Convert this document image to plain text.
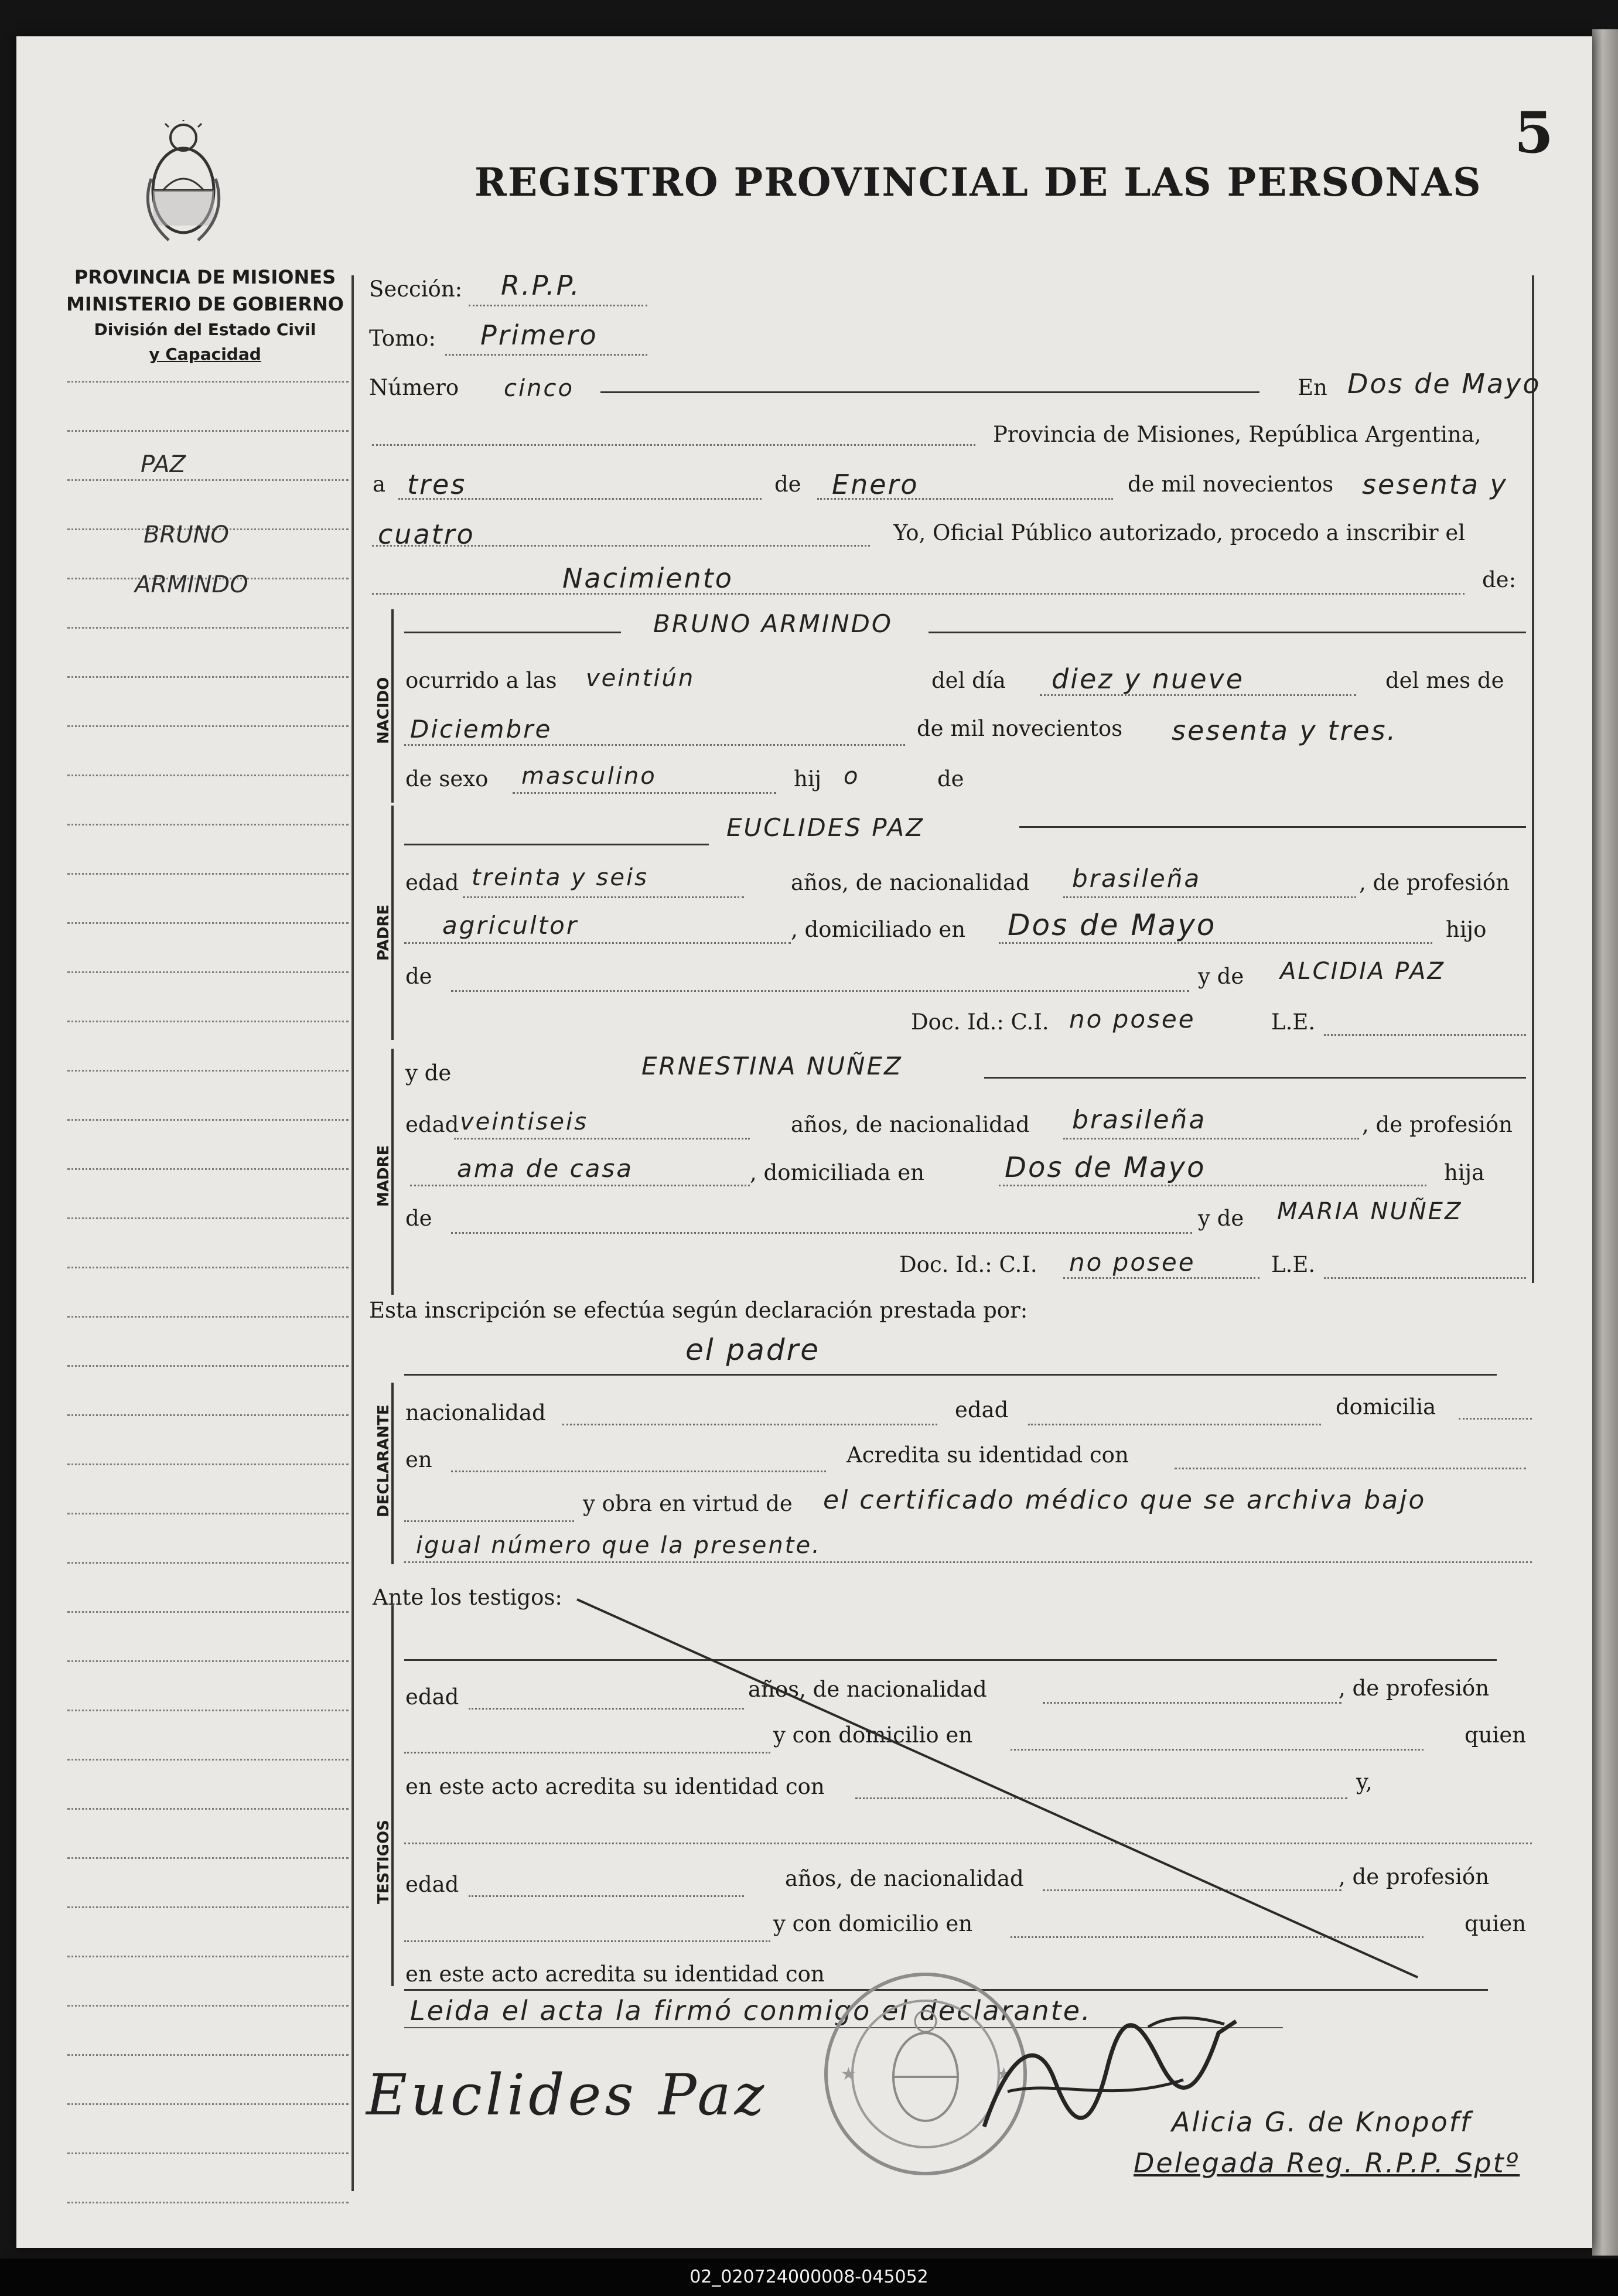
5
REGISTRO PROVINCIAL DE LAS PERSONAS
PROVINCIA DE MISIONES
MINISTERIO DE GOBIERNO
División del Estado Civil
y Capacidad
PAZ
BRUNO
ARMINDO
Sección: R.P.P.
Tomo: Primero
Número cinco	En Dos de Mayo
Provincia de Misiones, República Argentina,
a tres	de Enero	de mil novecientos sesenta y
cuatro	Yo, Oficial Público autorizado, procedo a inscribir el
Nacimiento	de:
NACIDO
BRUNO ARMINDO
ocurrido a las veintiún	del día diez y nueve	del mes de
Diciembre	de mil novecientos sesenta y tres.
de sexo masculino	hij o	de
PADRE
EUCLIDES PAZ
edad treinta y seis	años, de nacionalidad brasileña	, de profesión
agricultor	, domiciliado en Dos de Mayo	hijo
de	y de ALCIDIA PAZ
Doc. Id.: C.I. no posee	L.E.
MADRE
y de	ERNESTINA NUÑEZ
edad veintiseis	años, de nacionalidad brasileña	, de profesión
ama de casa	, domiciliada en	Dos de Mayo	hija
de	y de MARIA NUÑEZ
Doc. Id.: C.I. no posee	L.E.
Esta inscripción se efectúa según declaración prestada por:
el padre
DECLARANTE nacionalidad	edad	domicilia
en	Acredita su identidad con
y obra en virtud de el certificado médico que se archiva bajo
igual número que la presente.
Ante los testigos:
TESTIGOS
edad	años, de nacionalidad	, de profesión
y con domicilio en	quien
en este acto acredita su identidad con	y,
edad	años, de nacionalidad	, de profesión
y con domicilio en	quien
en este acto acredita su identidad con
Leida el acta la firmó conmigo el declarante.
★	★
Euclides Paz	Alicia G. de Knopoff
Delegada Reg. R.P.P. Sptº
02_020724000008-045052
